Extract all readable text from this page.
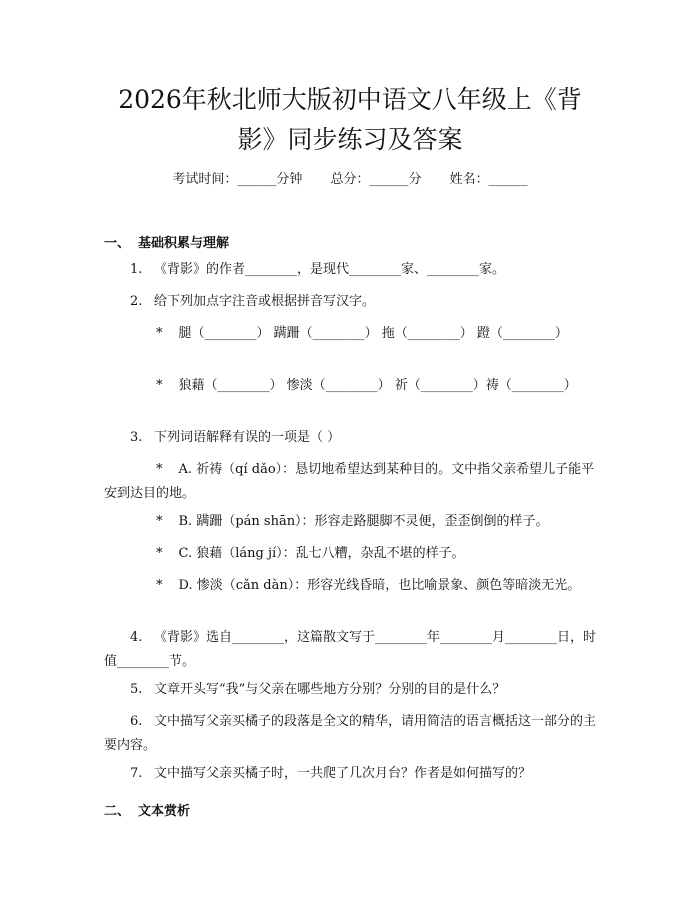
2026年秋北师大版初中语文八年级上《背影》同步练习及答案
考试时间：______分钟 总分：______分 姓名：______
一、 基础积累与理解
1. 《背影》的作者________，是现代________家、________家。
2. 给下列加点字注音或根据拼音写汉字。
* 腿（________） 蹒跚（________） 拖（________） 蹬（________）
* 狼藉（________） 惨淡（________） 祈（________）祷（________）
3. 下列词语解释有误的一项是（ ）
* A. 祈祷（qí dǎo）：恳切地希望达到某种目的。文中指父亲希望儿子能平安到达目的地。
* B. 蹒跚（pán shān）：形容走路腿脚不灵便，歪歪倒倒的样子。
* C. 狼藉（láng jí）：乱七八糟，杂乱不堪的样子。
* D. 惨淡（cǎn dàn）：形容光线昏暗，也比喻景象、颜色等暗淡无光。
4. 《背影》选自________，这篇散文写于________年________月________日，时值________节。
5. 文章开头写“我”与父亲在哪些地方分别？分别的目的是什么？
6. 文中描写父亲买橘子的段落是全文的精华，请用简洁的语言概括这一部分的主要内容。
7. 文中描写父亲买橘子时，一共爬了几次月台？作者是如何描写的？
二、 文本赏析
